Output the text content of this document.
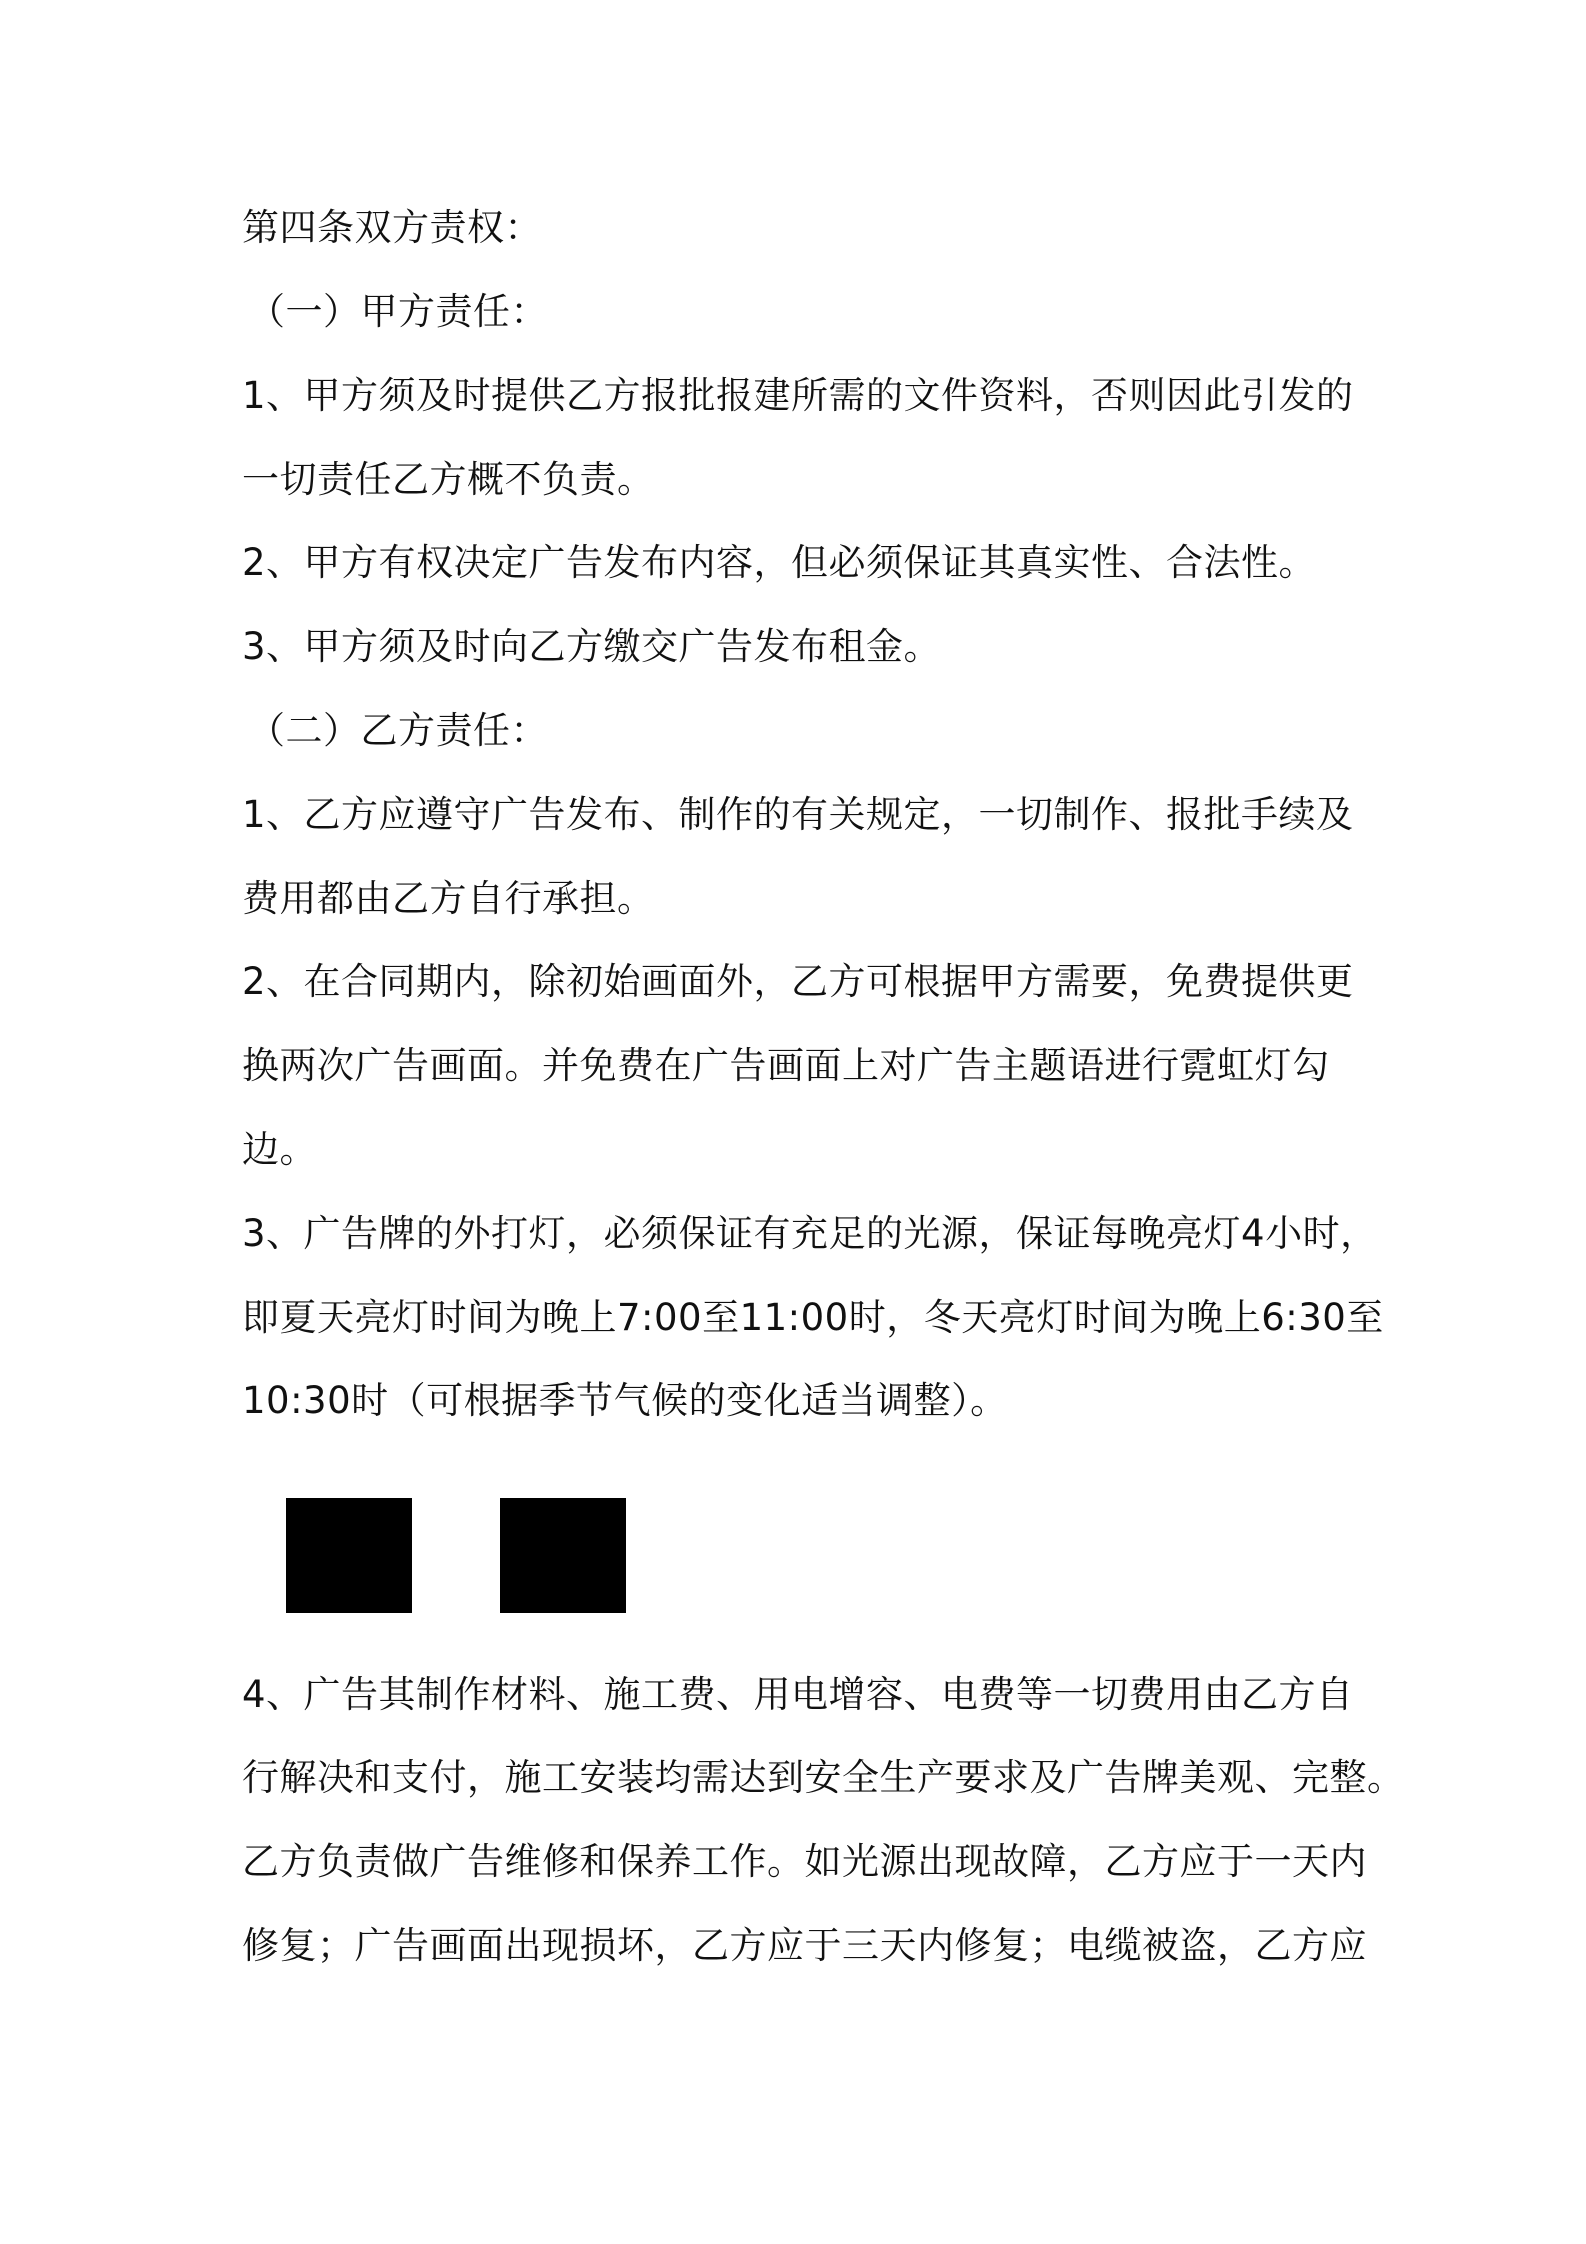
第四条双方责权：
（一）甲方责任：
1、甲方须及时提供乙方报批报建所需的文件资料，否则因此引发的
一切责任乙方概不负责。
2、甲方有权决定广告发布内容，但必须保证其真实性、合法性。
3、甲方须及时向乙方缴交广告发布租金。
（二）乙方责任：
1、乙方应遵守广告发布、制作的有关规定，一切制作、报批手续及
费用都由乙方自行承担。
2、在合同期内，除初始画面外，乙方可根据甲方需要，免费提供更
换两次广告画面。并免费在广告画面上对广告主题语进行霓虹灯勾
边。
3、广告牌的外打灯，必须保证有充足的光源，保证每晚亮灯4小时，
即夏天亮灯时间为晚上7:00至11:00时，冬天亮灯时间为晚上6:30至
10:30时（可根据季节气候的变化适当调整）。
4、广告其制作材料、施工费、用电增容、电费等一切费用由乙方自
行解决和支付，施工安装均需达到安全生产要求及广告牌美观、完整。
乙方负责做广告维修和保养工作。如光源出现故障，乙方应于一天内
修复；广告画面出现损坏，乙方应于三天内修复；电缆被盗，乙方应
